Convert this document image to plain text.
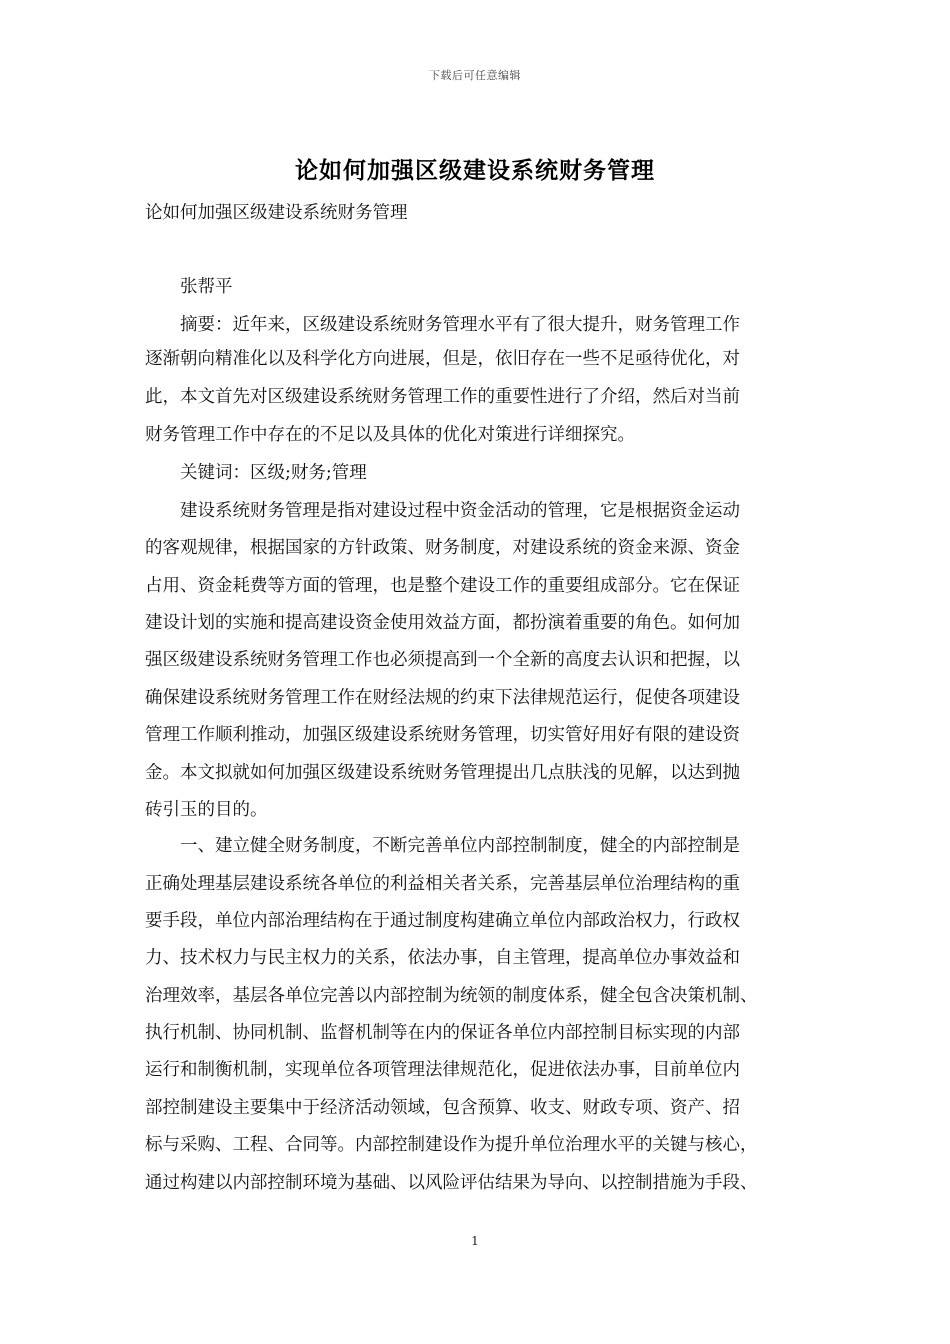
下载后可任意编辑
论如何加强区级建设系统财务管理
论如何加强区级建设系统财务管理
　　张帮平
　　摘要：近年来，区级建设系统财务管理水平有了很大提升，财务管理工作
逐渐朝向精准化以及科学化方向进展，但是，依旧存在一些不足亟待优化，对
此，本文首先对区级建设系统财务管理工作的重要性进行了介绍，然后对当前
财务管理工作中存在的不足以及具体的优化对策进行详细探究。
　　关键词：区级;财务;管理
　　建设系统财务管理是指对建设过程中资金活动的管理，它是根据资金运动
的客观规律，根据国家的方针政策、财务制度，对建设系统的资金来源、资金
占用、资金耗费等方面的管理，也是整个建设工作的重要组成部分。它在保证
建设计划的实施和提高建设资金使用效益方面，都扮演着重要的角色。如何加
强区级建设系统财务管理工作也必须提高到一个全新的高度去认识和把握，以
确保建设系统财务管理工作在财经法规的约束下法律规范运行，促使各项建设
管理工作顺利推动，加强区级建设系统财务管理，切实管好用好有限的建设资
金。本文拟就如何加强区级建设系统财务管理提出几点肤浅的见解，以达到抛
砖引玉的目的。
　　一、建立健全财务制度，不断完善单位内部控制制度，健全的内部控制是
正确处理基层建设系统各单位的利益相关者关系，完善基层单位治理结构的重
要手段，单位内部治理结构在于通过制度构建确立单位内部政治权力，行政权
力、技术权力与民主权力的关系，依法办事，自主管理，提高单位办事效益和
治理效率，基层各单位完善以内部控制为统领的制度体系，健全包含决策机制、
执行机制、协同机制、监督机制等在内的保证各单位内部控制目标实现的内部
运行和制衡机制，实现单位各项管理法律规范化，促进依法办事，目前单位内
部控制建设主要集中于经济活动领域，包含预算、收支、财政专项、资产、招
标与采购、工程、合同等。内部控制建设作为提升单位治理水平的关键与核心，
通过构建以内部控制环境为基础、以风险评估结果为导向、以控制措施为手段、
1
